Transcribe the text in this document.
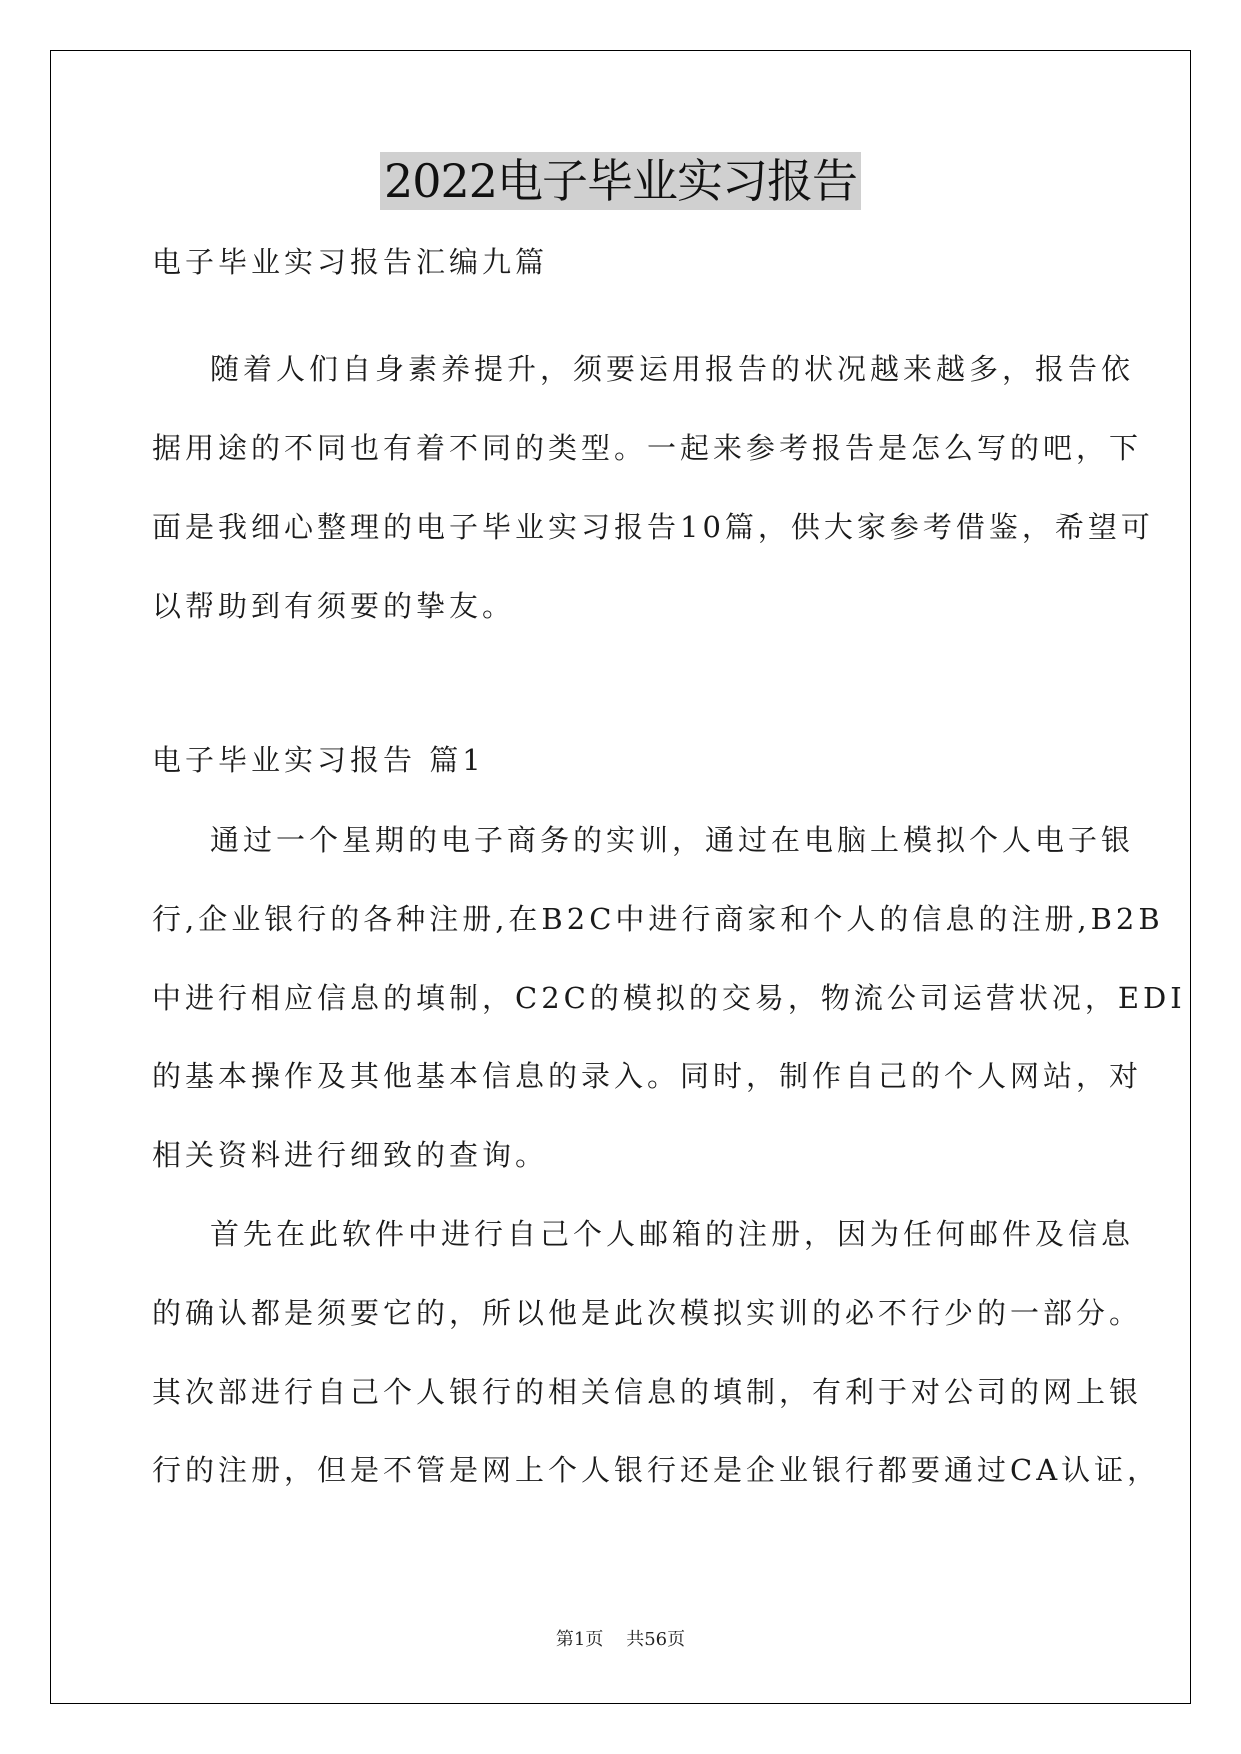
2022电子毕业实习报告

电子毕业实习报告汇编九篇

随着人们自身素养提升，须要运用报告的状况越来越多，报告依

据用途的不同也有着不同的类型。一起来参考报告是怎么写的吧，下

面是我细心整理的电子毕业实习报告10篇，供大家参考借鉴，希望可

以帮助到有须要的挚友。

电子毕业实习报告 篇1

通过一个星期的电子商务的实训，通过在电脑上模拟个人电子银

行,企业银行的各种注册,在B2C中进行商家和个人的信息的注册,B2B

中进行相应信息的填制，C2C的模拟的交易，物流公司运营状况，EDI

的基本操作及其他基本信息的录入。同时，制作自己的个人网站，对

相关资料进行细致的查询。

首先在此软件中进行自己个人邮箱的注册，因为任何邮件及信息

的确认都是须要它的，所以他是此次模拟实训的必不行少的一部分。

其次部进行自己个人银行的相关信息的填制，有利于对公司的网上银

行的注册，但是不管是网上个人银行还是企业银行都要通过CA认证，

第1页 共56页
